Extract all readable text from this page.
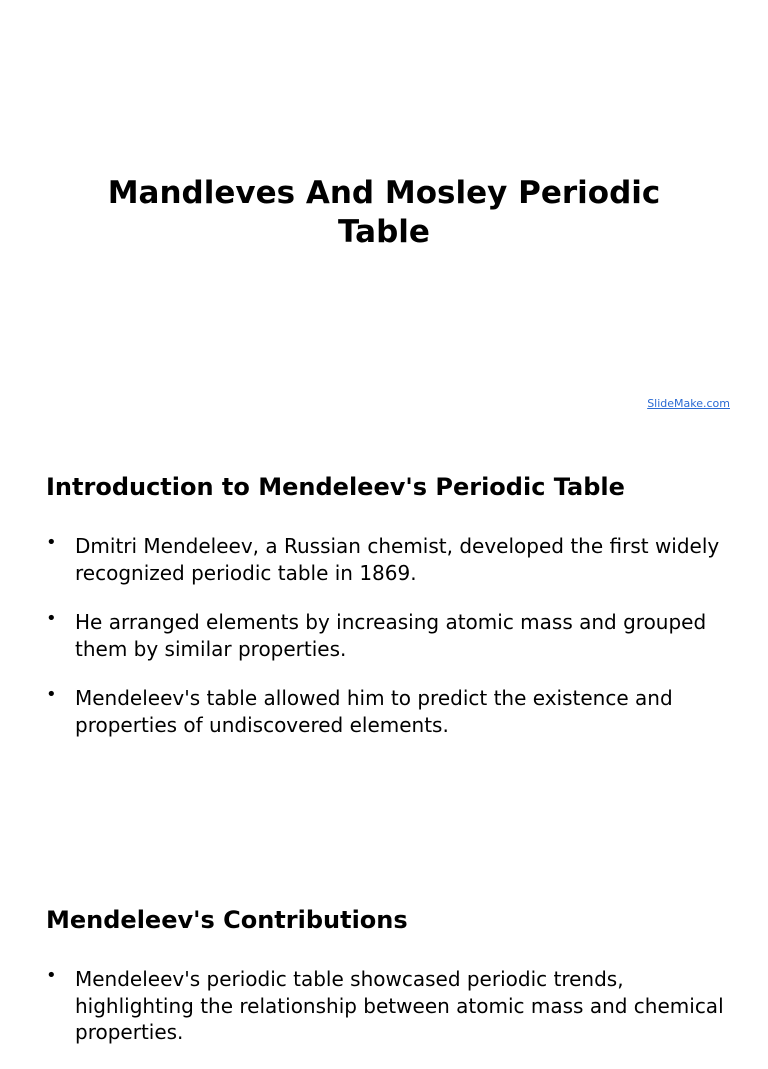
Mandleves And Mosley Periodic Table
SlideMake.com
Introduction to Mendeleev's Periodic Table
• Dmitri Mendeleev, a Russian chemist, developed the first widely recognized periodic table in 1869.
• He arranged elements by increasing atomic mass and grouped them by similar properties.
• Mendeleev's table allowed him to predict the existence and properties of undiscovered elements.
Mendeleev's Contributions
• Mendeleev's periodic table showcased periodic trends, highlighting the relationship between atomic mass and chemical properties.
